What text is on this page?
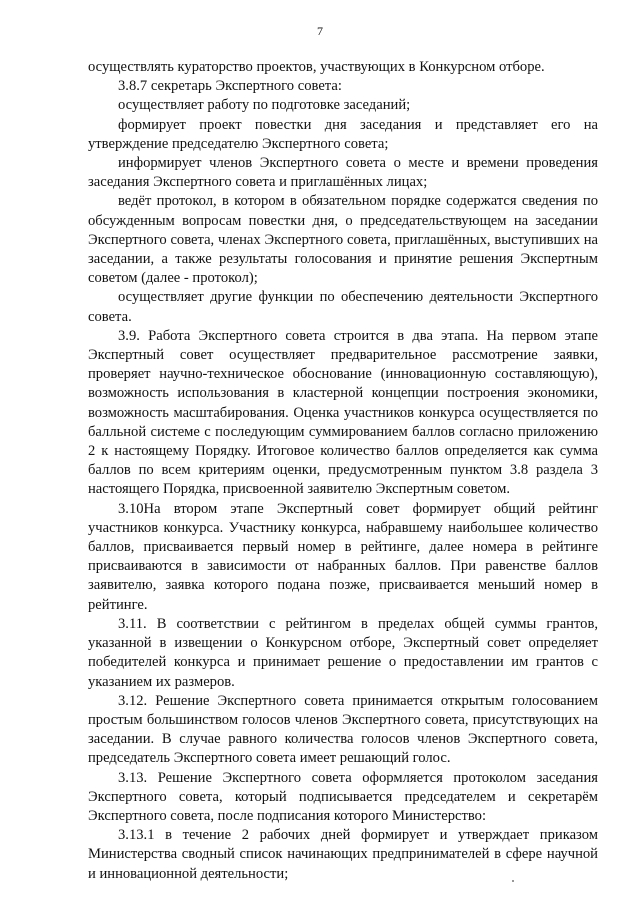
7

осуществлять кураторство проектов, участвующих в Конкурсном отборе.

3.8.7 секретарь Экспертного совета:

осуществляет работу по подготовке заседаний;

формирует проект повестки дня заседания и представляет его на утверждение председателю Экспертного совета;

информирует членов Экспертного совета о месте и времени проведения заседания Экспертного совета и приглашённых лицах;

ведёт протокол, в котором в обязательном порядке содержатся сведения по обсужденным вопросам повестки дня, о председательствующем на заседании Экспертного совета, членах Экспертного совета, приглашённых, выступивших на заседании, а также результаты голосования и принятие решения Экспертным советом (далее - протокол);

осуществляет другие функции по обеспечению деятельности Экспертного совета.

3.9. Работа Экспертного совета строится в два этапа. На первом этапе Экспертный совет осуществляет предварительное рассмотрение заявки, проверяет научно-техническое обоснование (инновационную составляющую), возможность использования в кластерной концепции построения экономики, возможность масштабирования. Оценка участников конкурса осуществляется по балльной системе с последующим суммированием баллов согласно приложению 2 к настоящему Порядку. Итоговое количество баллов определяется как сумма баллов по всем критериям оценки, предусмотренным пунктом 3.8 раздела 3 настоящего Порядка, присвоенной заявителю Экспертным советом.

3.10На втором этапе Экспертный совет формирует общий рейтинг участников конкурса. Участнику конкурса, набравшему наибольшее количество баллов, присваивается первый номер в рейтинге, далее номера в рейтинге присваиваются в зависимости от набранных баллов. При равенстве баллов заявителю, заявка которого подана позже, присваивается меньший номер в рейтинге.

3.11. В соответствии с рейтингом в пределах общей суммы грантов, указанной в извещении о Конкурсном отборе, Экспертный совет определяет победителей конкурса и принимает решение о предоставлении им грантов с указанием их размеров.

3.12. Решение Экспертного совета принимается открытым голосованием простым большинством голосов членов Экспертного совета, присутствующих на заседании. В случае равного количества голосов членов Экспертного совета, председатель Экспертного совета имеет решающий голос.

3.13. Решение Экспертного совета оформляется протоколом заседания Экспертного совета, который подписывается председателем и секретарём Экспертного совета, после подписания которого Министерство:

3.13.1 в течение 2 рабочих дней формирует и утверждает приказом Министерства сводный список начинающих предпринимателей в сфере научной и инновационной деятельности;
